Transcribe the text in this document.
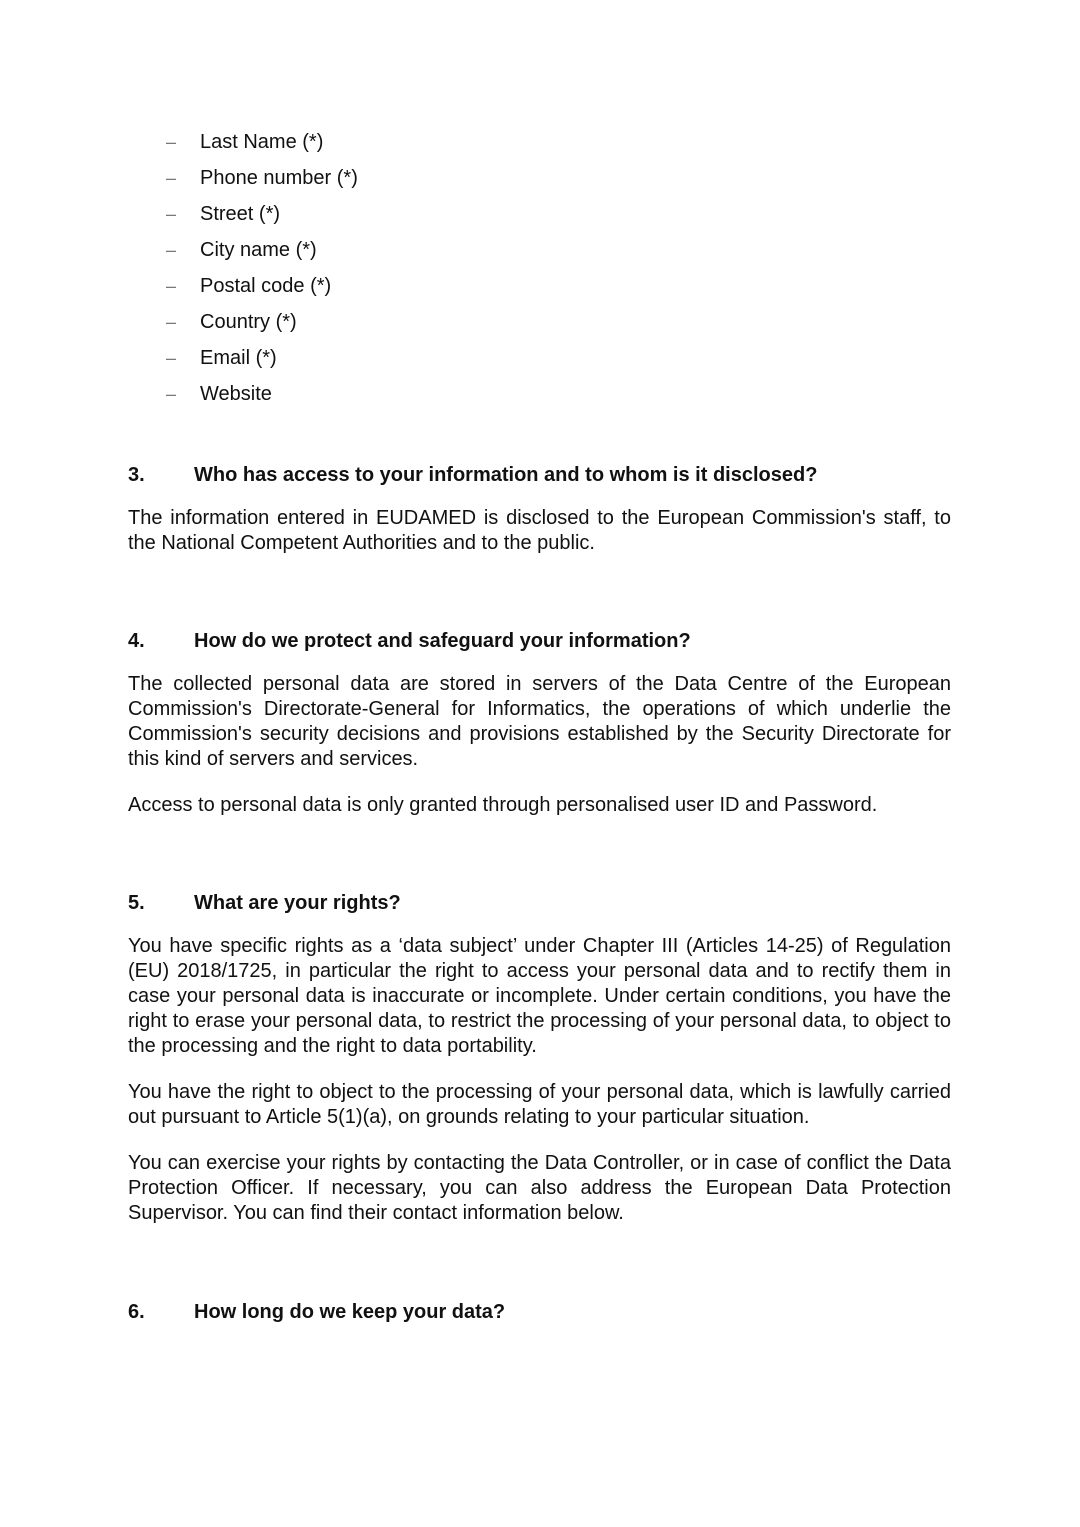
– Last Name (*)
– Phone number (*)
– Street (*)
– City name (*)
– Postal code (*)
– Country (*)
– Email (*)
– Website
3. Who has access to your information and to whom is it disclosed?

The information entered in EUDAMED is disclosed to the European Commission's staff, to the National Competent Authorities and to the public.

4. How do we protect and safeguard your information?

The collected personal data are stored in servers of the Data Centre of the European Commission's Directorate-General for Informatics, the operations of which underlie the Commission's security decisions and provisions established by the Security Directorate for this kind of servers and services.

Access to personal data is only granted through personalised user ID and Password.

5. What are your rights?

You have specific rights as a ‘data subject’ under Chapter III (Articles 14-25) of Regulation (EU) 2018/1725, in particular the right to access your personal data and to rectify them in case your personal data is inaccurate or incomplete. Under certain conditions, you have the right to erase your personal data, to restrict the processing of your personal data, to object to the processing and the right to data portability.

You have the right to object to the processing of your personal data, which is lawfully carried out pursuant to Article 5(1)(a), on grounds relating to your particular situation.

You can exercise your rights by contacting the Data Controller, or in case of conflict the Data Protection Officer. If necessary, you can also address the European Data Protection Supervisor. You can find their contact information below.

6. How long do we keep your data?
